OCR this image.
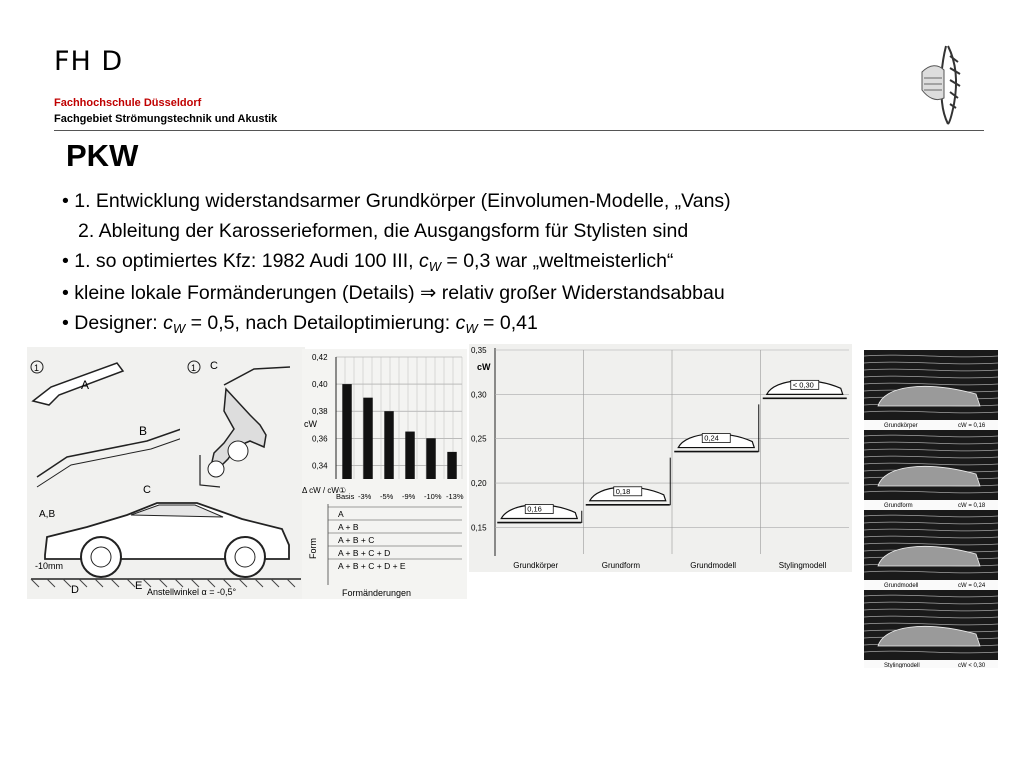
FH D
Fachhochschule Düsseldorf
Fachgebiet Strömungstechnik und Akustik
PKW
• 1. Entwicklung widerstandsarmer Grundkörper (Einvolumen-Modelle, „Vans)
2. Ableitung der Karosserieformen, die Ausgangsform für Stylisten sind
• 1. so optimiertes Kfz: 1982 Audi 100 III, $c_W = 0,3$ war „weltmeisterlich“
• kleine lokale Formänderungen (Details) ⇒ relativ großer Widerstandsabbau
• Designer: $c_W = 0,5$, nach Detailoptimierung: $c_W = 0,41$
1
A
B
C
A,B
-10mm
D	E Anstellwinkel α = -0,5°
1 C
0,42
0,40
0,38
0,36
0,34
cW
Δ cW / cW①
Basis -3% -5% -9% -10% -13%
Form
A
A + B
A + B + C
A + B + C + D
A + B + C + D + E
Formänderungen
0,35
0,30
0,25
0,20
0,15
0,16
Grundkörper
0,18
Grundform
0,24
Grundmodell
< 0,30
Stylingmodell
cW
Grundkörper	cW = 0,16
Grundform	cW = 0,18
Grundmodell	cW = 0,24
Stylingmodell	cW < 0,30
